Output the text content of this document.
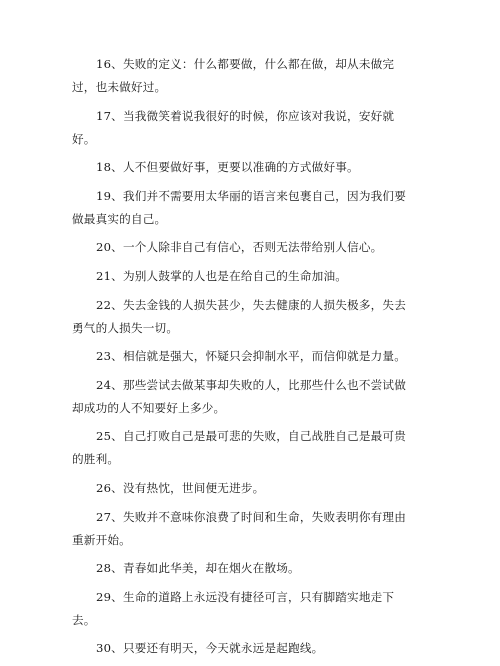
16、失败的定义：什么都要做，什么都在做，却从未做完过，也未做好过。

17、当我微笑着说我很好的时候，你应该对我说，安好就好。

18、人不但要做好事，更要以准确的方式做好事。

19、我们并不需要用太华丽的语言来包裹自己，因为我们要做最真实的自己。

20、一个人除非自己有信心，否则无法带给别人信心。

21、为别人鼓掌的人也是在给自己的生命加油。

22、失去金钱的人损失甚少，失去健康的人损失极多，失去勇气的人损失一切。

23、相信就是强大，怀疑只会抑制水平，而信仰就是力量。

24、那些尝试去做某事却失败的人，比那些什么也不尝试做却成功的人不知要好上多少。

25、自己打败自己是最可悲的失败，自己战胜自己是最可贵的胜利。

26、没有热忱，世间便无进步。

27、失败并不意味你浪费了时间和生命，失败表明你有理由重新开始。

28、青春如此华美，却在烟火在散场。

29、生命的道路上永远没有捷径可言，只有脚踏实地走下去。

30、只要还有明天，今天就永远是起跑线。
